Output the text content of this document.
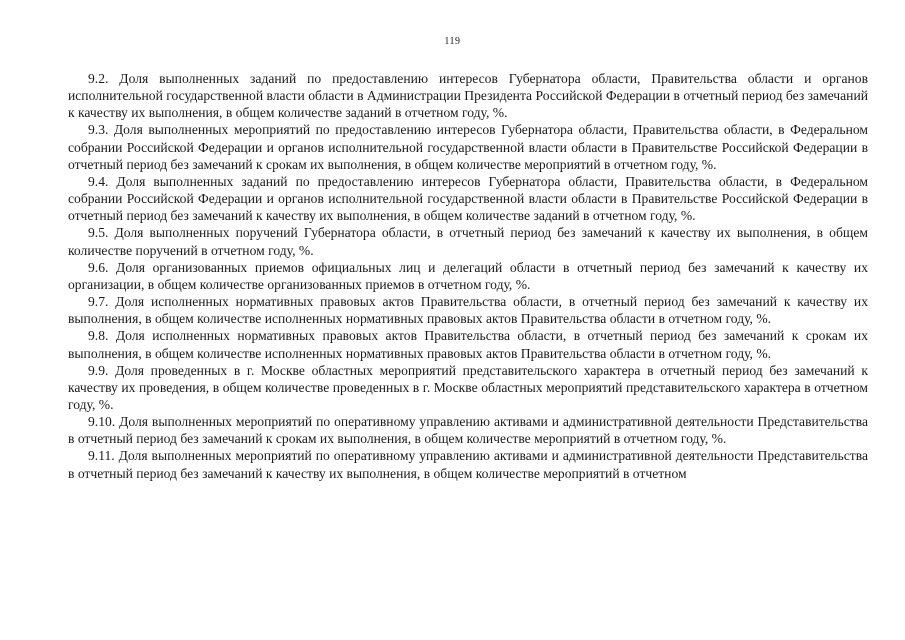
119

9.2. Доля выполненных заданий по предоставлению интересов Губернатора области, Правительства области и органов исполнительной государственной власти области в Администрации Президента Российской Федерации в отчетный период без замечаний к качеству их выполнения, в общем количестве заданий в отчетном году, %.

9.3. Доля выполненных мероприятий по предоставлению интересов Губернатора области, Правительства области, в Федеральном собрании Российской Федерации и органов исполнительной государственной власти области в Правительстве Российской Федерации в отчетный период без замечаний к срокам их выполнения, в общем количестве мероприятий в отчетном году, %.

9.4. Доля выполненных заданий по предоставлению интересов Губернатора области, Правительства области, в Федеральном собрании Российской Федерации и органов исполнительной государственной власти области в Правительстве Российской Федерации в отчетный период без замечаний к качеству их выполнения, в общем количестве заданий в отчетном году, %.

9.5. Доля выполненных поручений Губернатора области, в отчетный период без замечаний к качеству их выполнения, в общем количестве поручений в отчетном году, %.

9.6. Доля организованных приемов официальных лиц и делегаций области в отчетный период без замечаний к качеству их организации, в общем количестве организованных приемов в отчетном году, %.

9.7. Доля исполненных нормативных правовых актов Правительства области, в отчетный период без замечаний к качеству их выполнения, в общем количестве исполненных нормативных правовых актов Правительства области в отчетном году, %.

9.8. Доля исполненных нормативных правовых актов Правительства области, в отчетный период без замечаний к срокам их выполнения, в общем количестве исполненных нормативных правовых актов Правительства области в отчетном году, %.

9.9. Доля проведенных в г. Москве областных мероприятий представительского характера в отчетный период без замечаний к качеству их проведения, в общем количестве проведенных в г. Москве областных мероприятий представительского характера в отчетном году, %.

9.10. Доля выполненных мероприятий по оперативному управлению активами и административной деятельности Представительства в отчетный период без замечаний к срокам их выполнения, в общем количестве мероприятий в отчетном году, %.

9.11. Доля выполненных мероприятий по оперативному управлению активами и административной деятельности Представительства в отчетный период без замечаний к качеству их выполнения, в общем количестве мероприятий в отчетном
